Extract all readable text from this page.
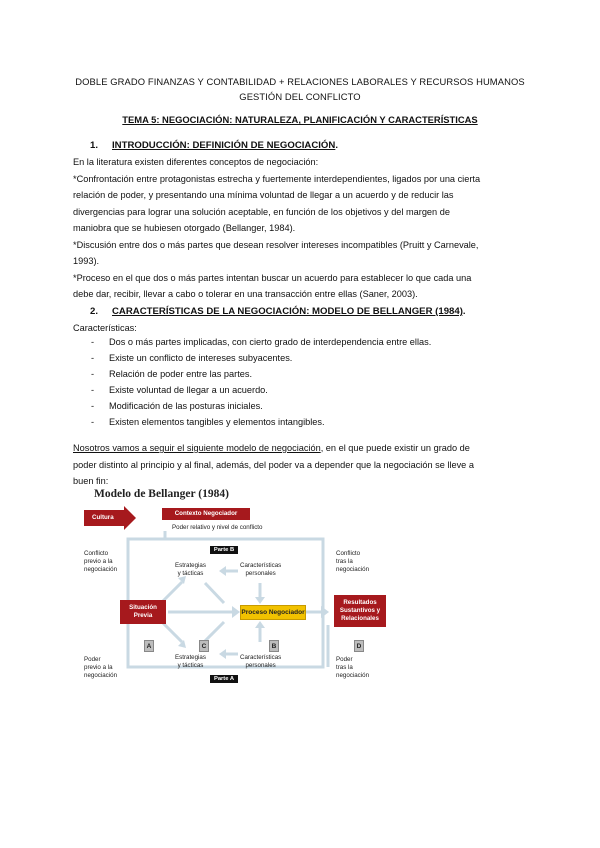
DOBLE GRADO FINANZAS Y CONTABILIDAD + RELACIONES LABORALES Y RECURSOS HUMANOS
GESTIÓN DEL CONFLICTO
TEMA 5: NEGOCIACIÓN: NATURALEZA, PLANIFICACIÓN Y CARACTERÍSTICAS
1. INTRODUCCIÓN: DEFINICIÓN DE NEGOCIACIÓN.
En la literatura existen diferentes conceptos de negociación:
*Confrontación entre protagonistas estrecha y fuertemente interdependientes, ligados por una cierta
relación de poder, y presentando una mínima voluntad de llegar a un acuerdo y de reducir las
divergencias para lograr una solución aceptable, en función de los objetivos y del margen de
maniobra que se hubiesen otorgado (Bellanger, 1984).
*Discusión entre dos o más partes que desean resolver intereses incompatibles (Pruitt y Carnevale,
1993).
*Proceso en el que dos o más partes intentan buscar un acuerdo para establecer lo que cada una
debe dar, recibir, llevar a cabo o tolerar en una transacción entre ellas (Saner, 2003).
2. CARACTERÍSTICAS DE LA NEGOCIACIÓN: MODELO DE BELLANGER (1984).
Características:
- Dos o más partes implicadas, con cierto grado de interdependencia entre ellas.
- Existe un conflicto de intereses subyacentes.
- Relación de poder entre las partes.
- Existe voluntad de llegar a un acuerdo.
- Modificación de las posturas iniciales.
- Existen elementos tangibles y elementos intangibles.
Nosotros vamos a seguir el siguiente modelo de negociación, en el que puede existir un grado de
poder distinto al principio y al final, además, del poder va a depender que la negociación se lleve a
buen fin:
Modelo de Bellanger (1984)
Cultura
Contexto Negociador
Poder relativo y nivel de conflicto
Conflicto
previo a la
negociación
Conflicto
tras la
negociación
Parte B
Estrategias
y tácticas
Características
personales
Situación
Previa	Proceso Negociador
Resultados
Sustantivos y
Relacionales
A	C	B	D
Estrategias
y tácticas
Características
personales
Parte A
Poder
previo a la
negociación
Poder
tras la
negociación
